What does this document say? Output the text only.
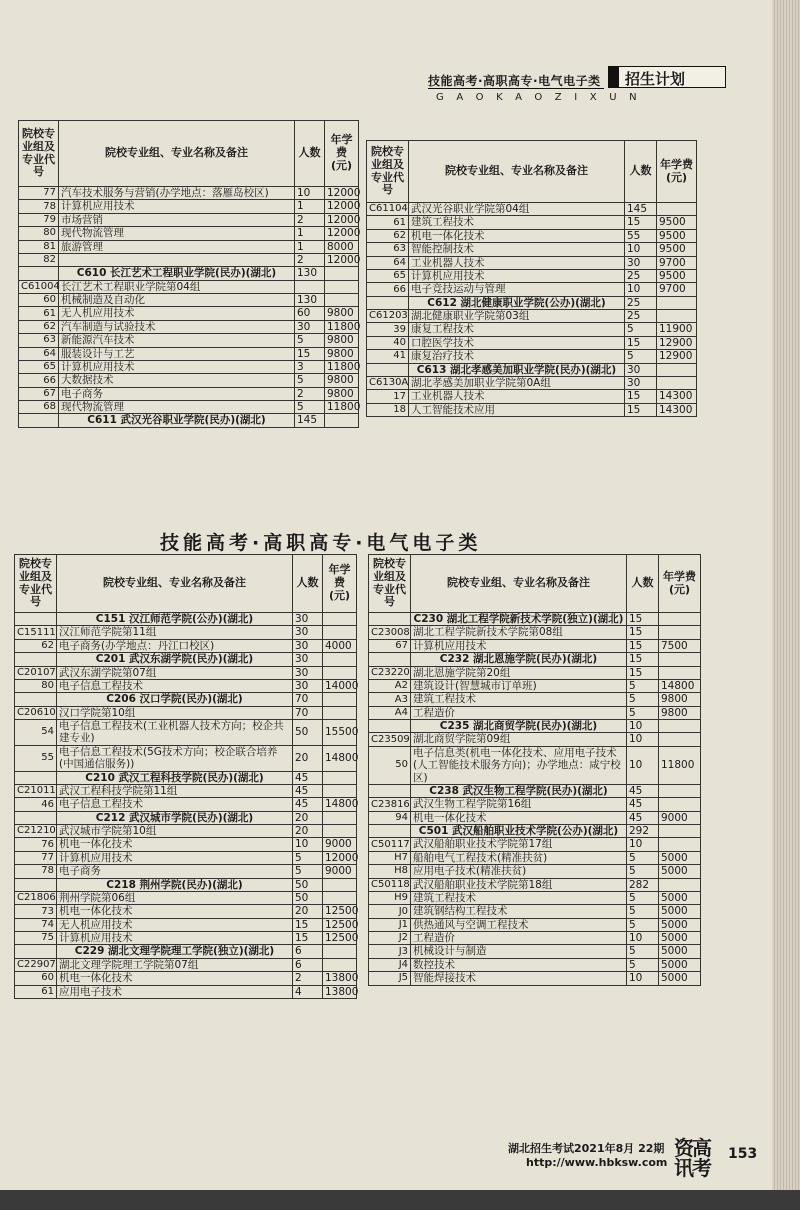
技能高考·高职高专·电气电子类 招生计划
GAOKAOZIXUN
院校专业组及专业代号	院校专业组、专业名称及备注	人数	年学费(元)
77	汽车技术服务与营销(办学地点：落雁岛校区)	10	12000
78	计算机应用技术	1	12000
79	市场营销	2	12000
80	现代物流管理	1	12000
81	旅游管理	1	8000
82		2	12000
	C610 长江艺术工程职业学院(民办)(湖北)	130	
C61004	长江艺术工程职业学院第04组		
60	机械制造及自动化	130	
61	无人机应用技术	60	9800
62	汽车制造与试验技术	30	11800
63	新能源汽车技术	5	9800
64	服装设计与工艺	15	9800
65	计算机应用技术	3	11800
66	大数据技术	5	9800
67	电子商务	2	9800
68	现代物流管理	5	11800
	C611 武汉光谷职业学院(民办)(湖北)	145	
院校专业组及专业代号	院校专业组、专业名称及备注	人数	年学费(元)
C61104	武汉光谷职业学院第04组	145	
61	建筑工程技术	15	9500
62	机电一体化技术	55	9500
63	智能控制技术	10	9500
64	工业机器人技术	30	9700
65	计算机应用技术	25	9500
66	电子竞技运动与管理	10	9700
	C612 湖北健康职业学院(公办)(湖北)	25	
C61203	湖北健康职业学院第03组	25	
39	康复工程技术	5	11900
40	口腔医学技术	15	12900
41	康复治疗技术	5	12900
	C613 湖北孝感美加职业学院(民办)(湖北)	30	
C6130A	湖北孝感美加职业学院第0A组	30	
17	工业机器人技术	15	14300
18	人工智能技术应用	15	14300
技能高考·高职高专·电气电子类
院校专业组及专业代号	院校专业组、专业名称及备注	人数	年学费(元)
	C151 汉江师范学院(公办)(湖北)	30	
C15111	汉江师范学院第11组	30	
62	电子商务(办学地点：丹江口校区)	30	4000
	C201 武汉东湖学院(民办)(湖北)	30	
C20107	武汉东湖学院第07组	30	
80	电子信息工程技术	30	14000
	C206 汉口学院(民办)(湖北)	70	
C20610	汉口学院第10组	70	
54	电子信息工程技术(工业机器人技术方向；校企共建专业)	50	15500
55	电子信息工程技术(5G技术方向；校企联合培养(中国通信服务))	20	14800
	C210 武汉工程科技学院(民办)(湖北)	45	
C21011	武汉工程科技学院第11组	45	
46	电子信息工程技术	45	14800
	C212 武汉城市学院(民办)(湖北)	20	
C21210	武汉城市学院第10组	20	
76	机电一体化技术	10	9000
77	计算机应用技术	5	12000
78	电子商务	5	9000
	C218 荆州学院(民办)(湖北)	50	
C21806	荆州学院第06组	50	
73	机电一体化技术	20	12500
74	无人机应用技术	15	12500
75	计算机应用技术	15	12500
	C229 湖北文理学院理工学院(独立)(湖北)	6	
C22907	湖北文理学院理工学院第07组	6	
60	机电一体化技术	2	13800
61	应用电子技术	4	13800
院校专业组及专业代号	院校专业组、专业名称及备注	人数	年学费(元)
	C230 湖北工程学院新技术学院(独立)(湖北)	15	
C23008	湖北工程学院新技术学院第08组	15	
67	计算机应用技术	15	7500
	C232 湖北恩施学院(民办)(湖北)	15	
C23220	湖北恩施学院第20组	15	
A2	建筑设计(智慧城市订单班)	5	14800
A3	建筑工程技术	5	9800
A4	工程造价	5	9800
	C235 湖北商贸学院(民办)(湖北)	10	
C23509	湖北商贸学院第09组	10	
50	电子信息类(机电一体化技术、应用电子技术(人工智能技术服务方向)；办学地点：咸宁校区)	10	11800
	C238 武汉生物工程学院(民办)(湖北)	45	
C23816	武汉生物工程学院第16组	45	
94	机电一体化技术	45	9000
	C501 武汉船舶职业技术学院(公办)(湖北)	292	
C50117	武汉船舶职业技术学院第17组	10	
H7	船舶电气工程技术(精准扶贫)	5	5000
H8	应用电子技术(精准扶贫)	5	5000
C50118	武汉船舶职业技术学院第18组	282	
H9	建筑工程技术	5	5000
J0	建筑钢结构工程技术	5	5000
J1	供热通风与空调工程技术	5	5000
J2	工程造价	10	5000
J3	机械设计与制造	5	5000
J4	数控技术	5	5000
J5	智能焊接技术	10	5000
湖北招生考试2021年8月 22期
http://www.hbksw.com
资高讯考
153
